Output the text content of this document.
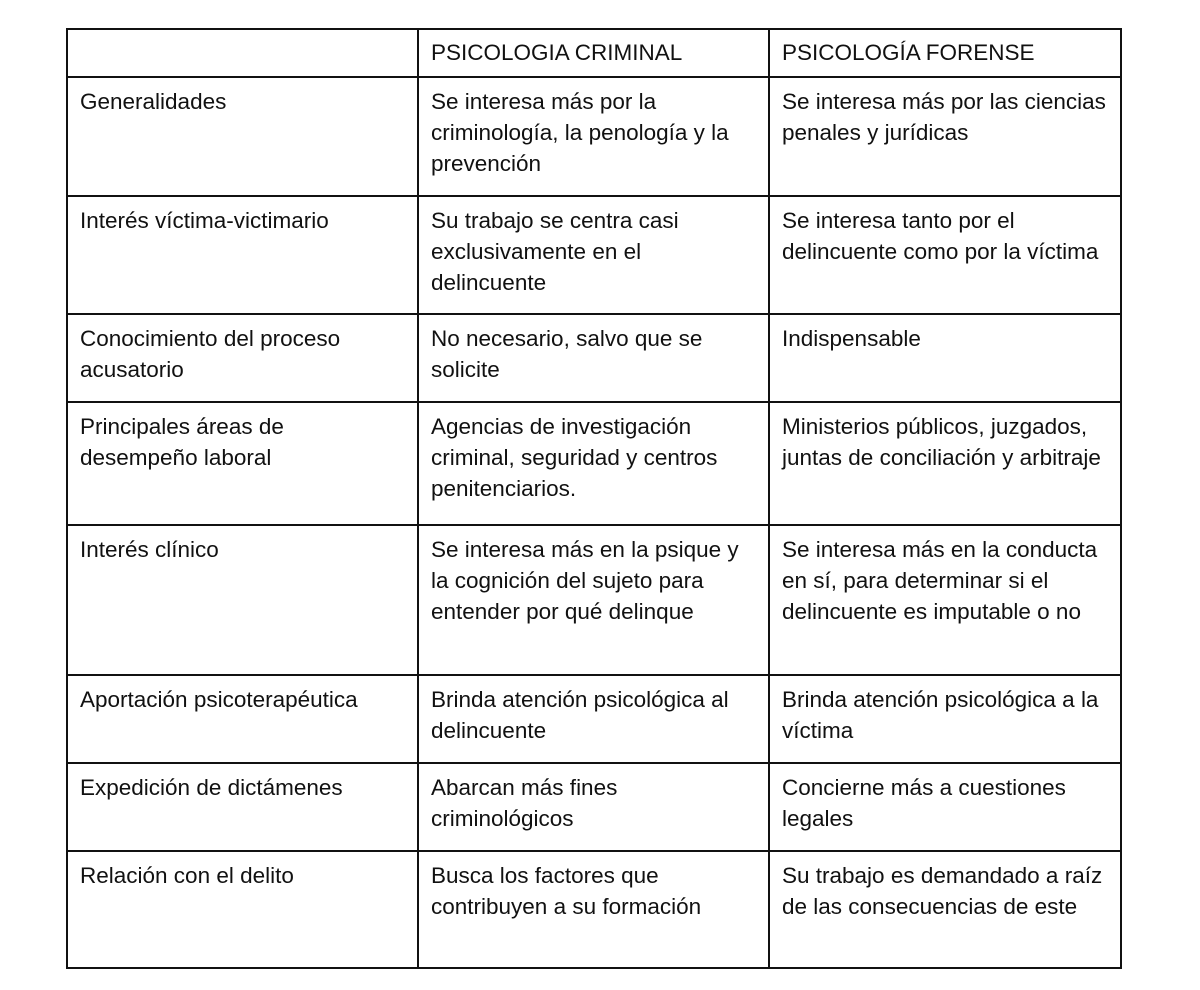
	PSICOLOGIA CRIMINAL	PSICOLOGÍA FORENSE
Generalidades	Se interesa más por la criminología, la penología y la prevención	Se interesa más por las ciencias penales y jurídicas
Interés víctima-victimario	Su trabajo se centra casi exclusivamente en el delincuente	Se interesa tanto por el delincuente como por la víctima
Conocimiento del proceso acusatorio	No necesario, salvo que se solicite	Indispensable
Principales áreas de desempeño laboral	Agencias de investigación criminal, seguridad y centros penitenciarios.	Ministerios públicos, juzgados, juntas de conciliación y arbitraje
Interés clínico	Se interesa más en la psique y la cognición del sujeto para entender por qué delinque	Se interesa más en la conducta en sí, para determinar si el delincuente es imputable o no
Aportación psicoterapéutica	Brinda atención psicológica al delincuente	Brinda atención psicológica a la víctima
Expedición de dictámenes	Abarcan más fines criminológicos	Concierne más a cuestiones legales
Relación con el delito	Busca los factores que contribuyen a su formación	Su trabajo es demandado a raíz de las consecuencias de este
